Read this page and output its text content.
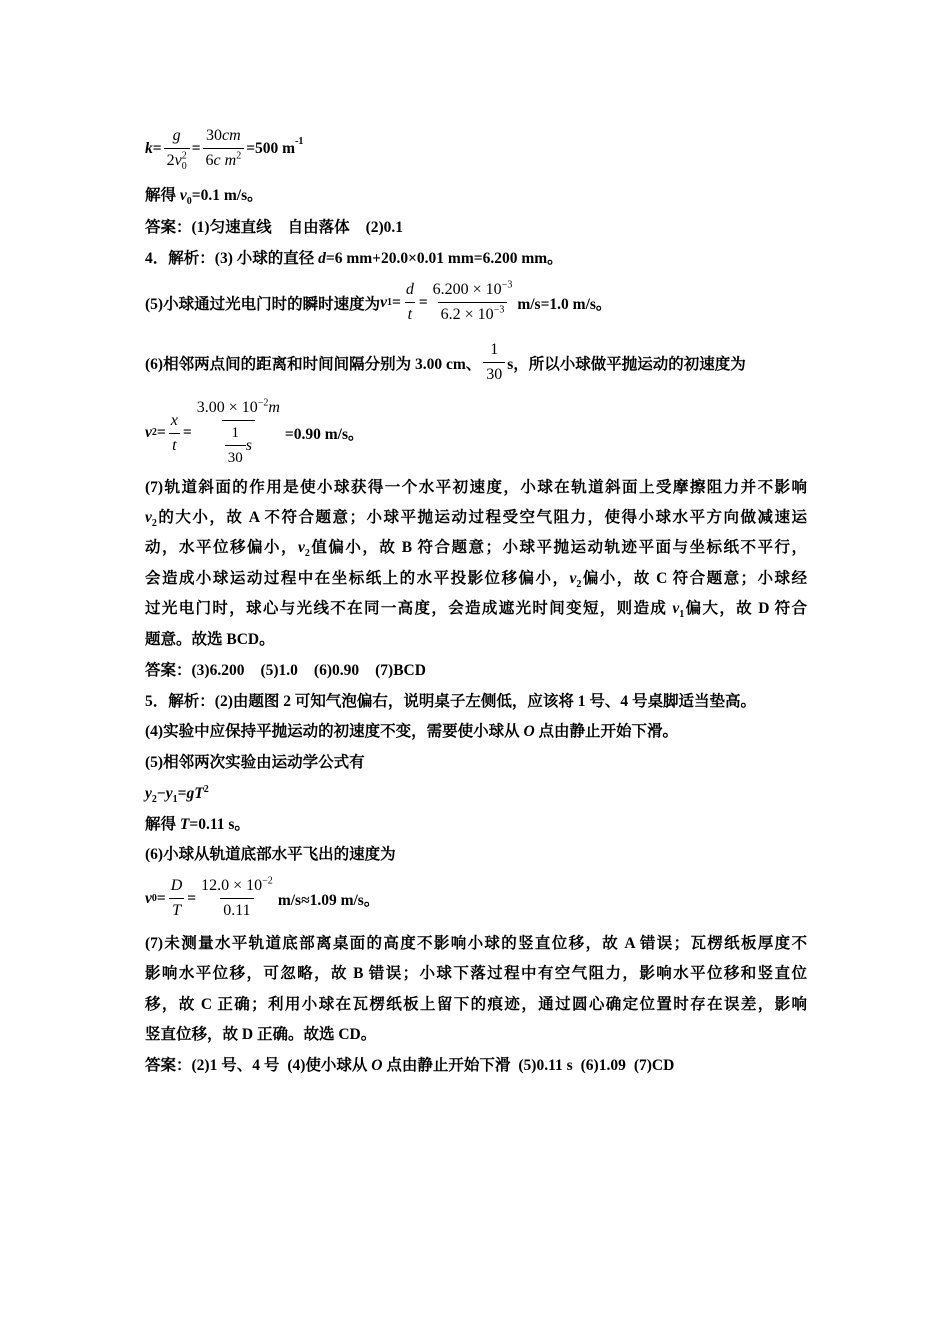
$k = \frac{g}{2v^2_0} = \frac{30cm}{6c m^2} = 500$ $m^{-1}$
解得 $v_0=0.1$ m/s。
答案：(1)匀速直线 自由落体 (2)0.1
4．解析：(3) 小球的直径 d=6 mm+20.0×0.01 mm=6.200 mm。
(5)小球通过光电门时的瞬时速度为 v $1 = \frac{d}{t} = \frac{6.200 \times 10^{-3}}{6.2 \times 10^{-3}} m/s=1.0$ m/s。
(6)相邻两点间的距离和时间间隔分别为 3.00 cm、 $\frac{1}{30}$ s，所以小球做平抛运动的初速度为
v $2 = \frac{x}{t} = \frac{3.00 \times 10^{-2}m}{\frac{1}{30} s} =0.90$ m/s。
(7)轨道斜面的作用是使小球获得一个水平初速度，小球在轨道斜面上受摩擦阻力并不影响
$v_2$的大小，故 A 不符合题意；小球平抛运动过程受空气阻力，使得小球水平方向做减速运
动，水平位移偏小，$v_2$值偏小，故 B 符合题意；小球平抛运动轨迹平面与坐标纸不平行，
会造成小球运动过程中在坐标纸上的水平投影位移偏小，$v_2$偏小，故 C 符合题意；小球经
过光电门时，球心与光线不在同一高度，会造成遮光时间变短，则造成 $v_1$偏大，故 D 符合
题意。故选 BCD。
答案：(3)6.200 (5)1.0 (6)0.90 (7)BCD
5．解析：(2)由题图 2 可知气泡偏右，说明桌子左侧低，应该将 1 号、4 号桌脚适当垫高。
(4)实验中应保持平抛运动的初速度不变，需要使小球从 O 点由静止开始下滑。
(5)相邻两次实验由运动学公式有
$y_2-y_1=gT^2$
解得 T=0.11 s。
(6)小球从轨道底部水平飞出的速度为
v $0 = \frac{D}{T} = \frac{12.0 \times 10^{-2}}{0.11} m/s\approx 1.09$ m/s。
(7)未测量水平轨道底部离桌面的高度不影响小球的竖直位移，故 A 错误；瓦楞纸板厚度不
影响水平位移，可忽略，故 B 错误；小球下落过程中有空气阻力，影响水平位移和竖直位
移，故 C 正确；利用小球在瓦楞纸板上留下的痕迹，通过圆心确定位置时存在误差，影响
竖直位移，故 D 正确。故选 CD。
答案：(2)1 号、4 号 (4)使小球从 O 点由静止开始下滑 (5)0.11 s (6)1.09 (7)CD
